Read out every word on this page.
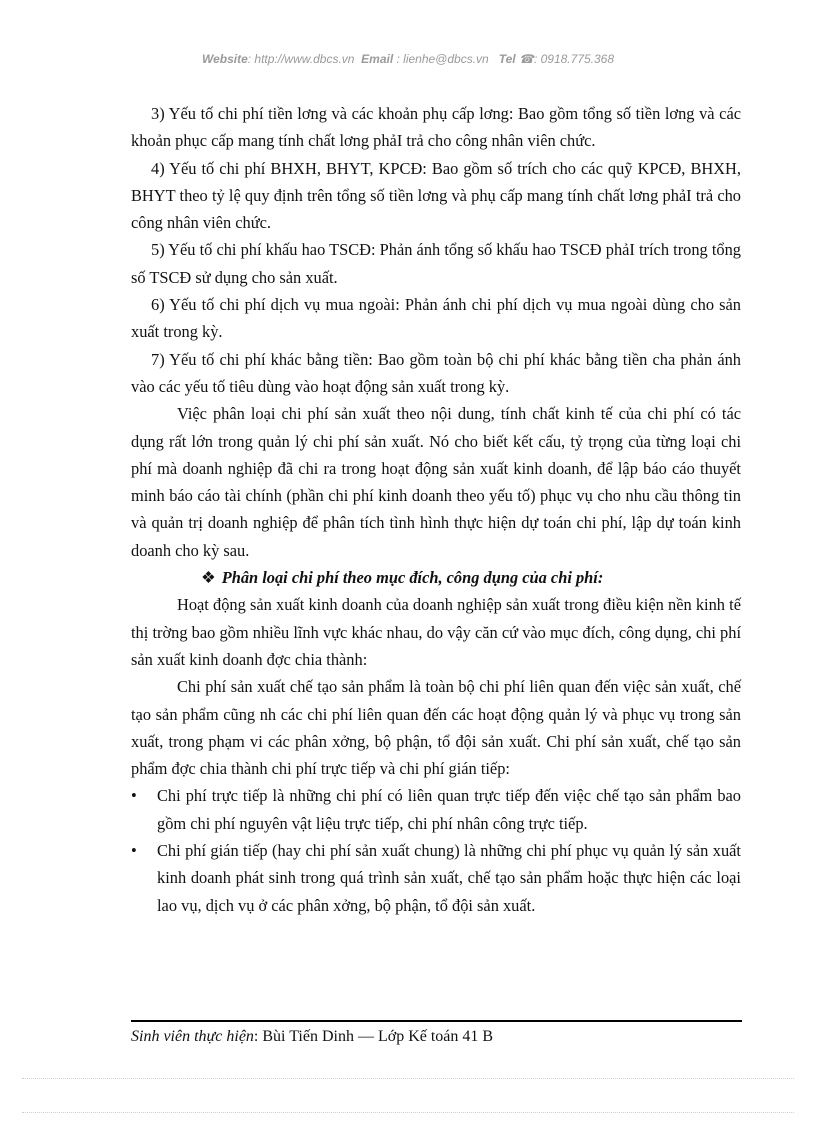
Website: http://www.dbcs.vn Email : lienhe@dbcs.vn Tel ☎: 0918.775.368

3) Yếu tố chi phí tiền lơng và các khoản phụ cấp lơng: Bao gồm tổng số tiền lơng và các khoản phục cấp mang tính chất lơng phảI trả cho công nhân viên chức.

4) Yếu tố chi phí BHXH, BHYT, KPCĐ: Bao gồm số trích cho các quỹ KPCĐ, BHXH, BHYT theo tỷ lệ quy định trên tổng số tiền lơng và phụ cấp mang tính chất lơng phảI trả cho công nhân viên chức.

5) Yếu tố chi phí khấu hao TSCĐ: Phản ánh tổng số khấu hao TSCĐ phảI trích trong tổng số TSCĐ sử dụng cho sản xuất.

6) Yếu tố chi phí dịch vụ mua ngoài: Phản ánh chi phí dịch vụ mua ngoài dùng cho sản xuất trong kỳ.

7) Yếu tố chi phí khác bằng tiền: Bao gồm toàn bộ chi phí khác bằng tiền cha phản ánh vào các yếu tố tiêu dùng vào hoạt động sản xuất trong kỳ.

Việc phân loại chi phí sản xuất theo nội dung, tính chất kinh tế của chi phí có tác dụng rất lớn trong quản lý chi phí sản xuất. Nó cho biết kết cấu, tỷ trọng của từng loại chi phí mà doanh nghiệp đã chi ra trong hoạt động sản xuất kinh doanh, để lập báo cáo thuyết minh báo cáo tài chính (phần chi phí kinh doanh theo yếu tố) phục vụ cho nhu cầu thông tin và quản trị doanh nghiệp để phân tích tình hình thực hiện dự toán chi phí, lập dự toán kinh doanh cho kỳ sau.

❖ Phân loại chi phí theo mục đích, công dụng của chi phí:

Hoạt động sản xuất kinh doanh của doanh nghiệp sản xuất trong điều kiện nền kinh tế thị trờng bao gồm nhiều lĩnh vực khác nhau, do vậy căn cứ vào mục đích, công dụng, chi phí sản xuất kinh doanh đợc chia thành:

Chi phí sản xuất chế tạo sản phẩm là toàn bộ chi phí liên quan đến việc sản xuất, chế tạo sản phẩm cũng nh các chi phí liên quan đến các hoạt động quản lý và phục vụ trong sản xuất, trong phạm vi các phân xởng, bộ phận, tổ đội sản xuất. Chi phí sản xuất, chế tạo sản phẩm đợc chia thành chi phí trực tiếp và chi phí gián tiếp:

• Chi phí trực tiếp là những chi phí có liên quan trực tiếp đến việc chế tạo sản phẩm bao gồm chi phí nguyên vật liệu trực tiếp, chi phí nhân công trực tiếp.

• Chi phí gián tiếp (hay chi phí sản xuất chung) là những chi phí phục vụ quản lý sản xuất kinh doanh phát sinh trong quá trình sản xuất, chế tạo sản phẩm hoặc thực hiện các loại lao vụ, dịch vụ ở các phân xởng, bộ phận, tổ đội sản xuất.

Sinh viên thực hiện: Bùi Tiến Dinh — Lớp Kế toán 41 B
